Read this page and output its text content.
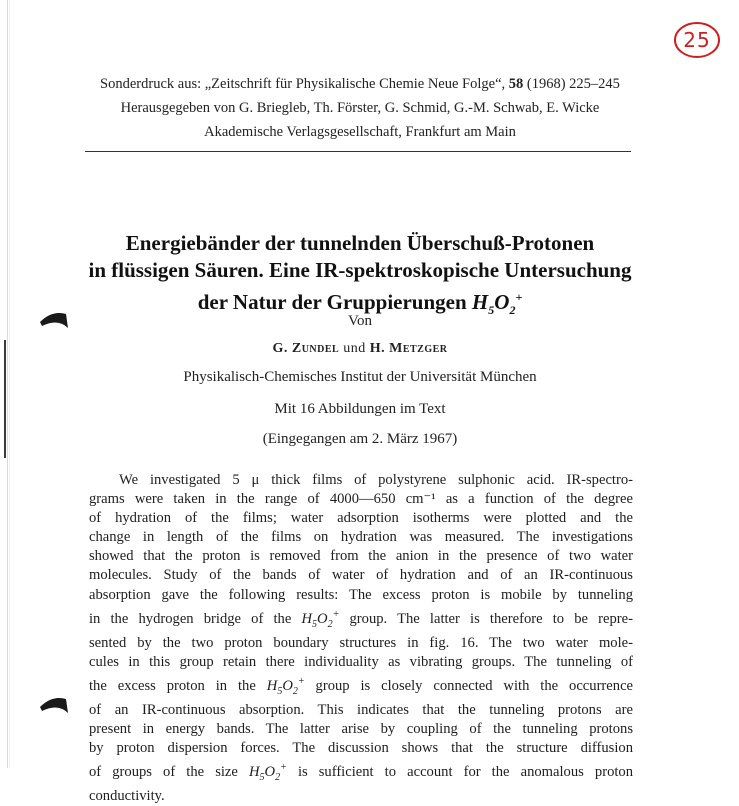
25
Sonderdruck aus: „Zeitschrift für Physikalische Chemie Neue Folge“, 58 (1968) 225–245
Herausgegeben von G. Briegleb, Th. Förster, G. Schmid, G.-M. Schwab, E. Wicke
Akademische Verlagsgesellschaft, Frankfurt am Main
Energiebänder der tunnelnden Überschuß-Protonen
in flüssigen Säuren. Eine IR-spektroskopische Untersuchung
der Natur der Gruppierungen $H_5O_2^+$
Von
G. Zundel und H. Metzger
Physikalisch-Chemisches Institut der Universität München
Mit 16 Abbildungen im Text
(Eingegangen am 2. März 1967)
We investigated 5 μ thick films of polystyrene sulphonic acid. IR-spectro-
grams were taken in the range of 4000—650 cm⁻¹ as a function of the degree
of hydration of the films; water adsorption isotherms were plotted and the
change in length of the films on hydration was measured. The investigations
showed that the proton is removed from the anion in the presence of two water
molecules. Study of the bands of water of hydration and of an IR-continuous
absorption gave the following results: The excess proton is mobile by tunneling
in the hydrogen bridge of the $H_5O_2^+$ group. The latter is therefore to be repre-
sented by the two proton boundary structures in fig. 16. The two water mole-
cules in this group retain there individuality as vibrating groups. The tunneling of
the excess proton in the $H_5O_2^+$ group is closely connected with the occurrence
of an IR-continuous absorption. This indicates that the tunneling protons are
present in energy bands. The latter arise by coupling of the tunneling protons
by proton dispersion forces. The discussion shows that the structure diffusion
of groups of the size $H_5O_2^+$ is sufficient to account for the anomalous proton
conductivity.
